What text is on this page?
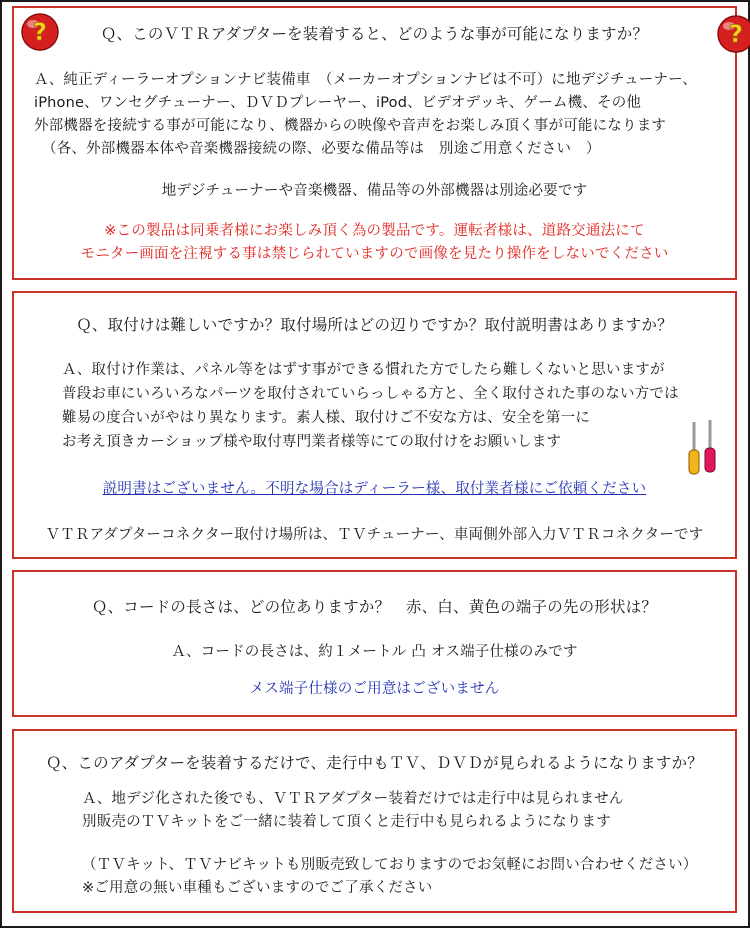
?	?
Ｑ、このＶＴＲアダプターを装着すると、どのような事が可能になりますか？
Ａ、純正ディーラーオプションナビ装備車　（メーカーオプションナビは不可）に地デジチューナー、
iPhone、ワンセグチューナー、ＤＶＤプレーヤー、iPod、ビデオデッキ、ゲーム機、その他
外部機器を接続する事が可能になり、機器からの映像や音声をお楽しみ頂く事が可能になります
（各、外部機器本体や音楽機器接続の際、必要な備品等は　別途ご用意ください　）
地デジチューナーや音楽機器、備品等の外部機器は別途必要です
※この製品は同乗者様にお楽しみ頂く為の製品です。運転者様は、道路交通法にて
モニター画面を注視する事は禁じられていますので画像を見たり操作をしないでください
Ｑ、取付けは難しいですか？取付場所はどの辺りですか？取付説明書はありますか？
Ａ、取付け作業は、パネル等をはずす事ができる慣れた方でしたら難しくないと思いますが
普段お車にいろいろなパーツを取付されていらっしゃる方と、全く取付された事のない方では
難易の度合いがやはり異なります。素人様、取付けご不安な方は、安全を第一に
お考え頂きカーショップ様や取付専門業者様等にての取付けをお願いします
説明書はございません。不明な場合はディーラー様、取付業者様にご依頼ください
ＶＴＲアダプターコネクター取付け場所は、ＴＶチューナー、車両側外部入力ＶＴＲコネクターです
Ｑ、コードの長さは、どの位ありますか？　赤、白、黄色の端子の先の形状は？
Ａ、コードの長さは、約１メートル 凸 オス端子仕様のみです
メス端子仕様のご用意はございません
Ｑ、このアダプターを装着するだけで、走行中もＴＶ、ＤＶＤが見られるようになりますか？
Ａ、地デジ化された後でも、ＶＴＲアダプター装着だけでは走行中は見られません
別販売のＴＶキットをご一緒に装着して頂くと走行中も見られるようになります
（ＴＶキット、ＴＶナビキットも別販売致しておりますのでお気軽にお問い合わせください）
※ご用意の無い車種もございますのでご了承ください
